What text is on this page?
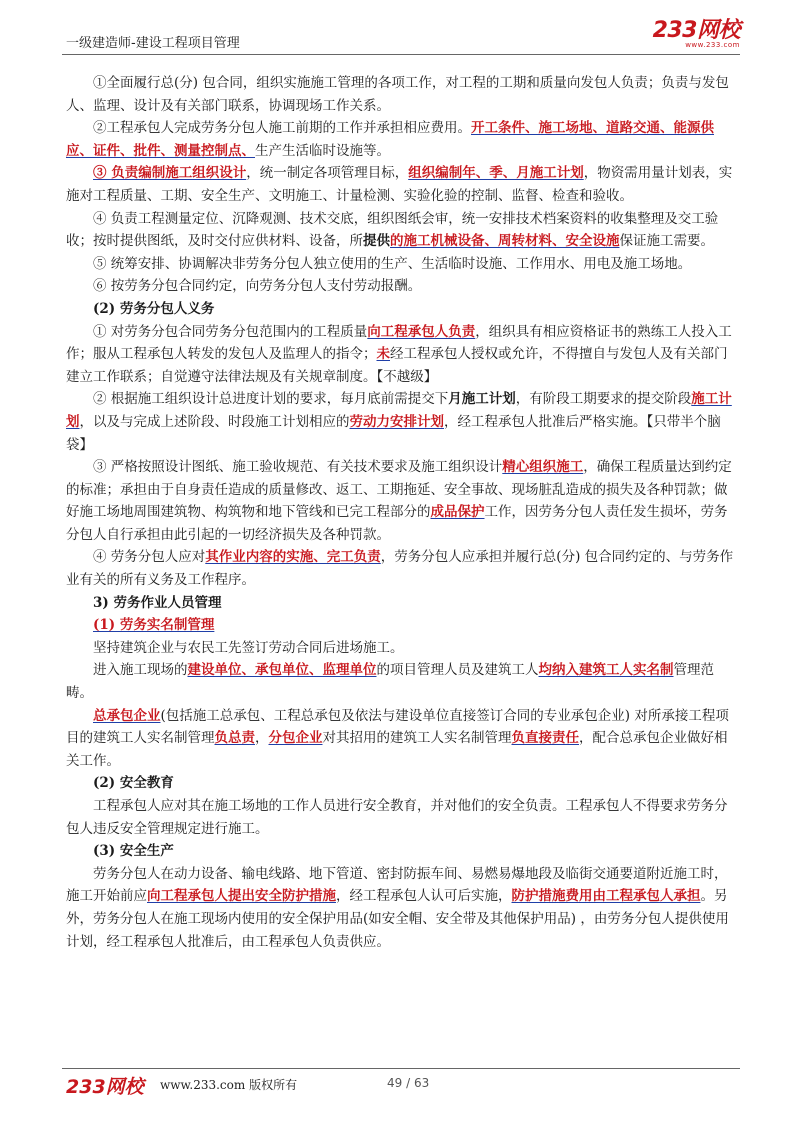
一级建造师-建设工程项目管理
233网校
www.233.com

①全面履行总(分) 包合同，组织实施施工管理的各项工作，对工程的工期和质量向发包人负责；负责与发包人、监理、设计及有关部门联系，协调现场工作关系。

②工程承包人完成劳务分包人施工前期的工作并承担相应费用。开工条件、施工场地、道路交通、能源供应、证件、批件、测量控制点、生产生活临时设施等。

③ 负责编制施工组织设计，统一制定各项管理目标，组织编制年、季、月施工计划，物资需用量计划表，实施对工程质量、工期、安全生产、文明施工、计量检测、实验化验的控制、监督、检查和验收。

④ 负责工程测量定位、沉降观测、技术交底，组织图纸会审，统一安排技术档案资料的收集整理及交工验收；按时提供图纸，及时交付应供材料、设备，所提供的施工机械设备、周转材料、安全设施保证施工需要。

⑤ 统筹安排、协调解决非劳务分包人独立使用的生产、生活临时设施、工作用水、用电及施工场地。

⑥ 按劳务分包合同约定，向劳务分包人支付劳动报酬。

(2) 劳务分包人义务

① 对劳务分包合同劳务分包范围内的工程质量向工程承包人负责，组织具有相应资格证书的熟练工人投入工作；服从工程承包人转发的发包人及监理人的指令；未经工程承包人授权或允许，不得擅自与发包人及有关部门建立工作联系；自觉遵守法律法规及有关规章制度。【不越级】

② 根据施工组织设计总进度计划的要求，每月底前需提交下月施工计划，有阶段工期要求的提交阶段施工计划，以及与完成上述阶段、时段施工计划相应的劳动力安排计划，经工程承包人批准后严格实施。【只带半个脑袋】

③ 严格按照设计图纸、施工验收规范、有关技术要求及施工组织设计精心组织施工，确保工程质量达到约定的标准；承担由于自身责任造成的质量修改、返工、工期拖延、安全事故、现场脏乱造成的损失及各种罚款；做好施工场地周围建筑物、构筑物和地下管线和已完工程部分的成品保护工作，因劳务分包人责任发生损坏，劳务分包人自行承担由此引起的一切经济损失及各种罚款。

④ 劳务分包人应对其作业内容的实施、完工负责，劳务分包人应承担并履行总(分) 包合同约定的、与劳务作业有关的所有义务及工作程序。

3) 劳务作业人员管理

(1) 劳务实名制管理

坚持建筑企业与农民工先签订劳动合同后进场施工。

进入施工现场的建设单位、承包单位、监理单位的项目管理人员及建筑工人均纳入建筑工人实名制管理范畴。

总承包企业(包括施工总承包、工程总承包及依法与建设单位直接签订合同的专业承包企业) 对所承接工程项目的建筑工人实名制管理负总责，分包企业对其招用的建筑工人实名制管理负直接责任，配合总承包企业做好相关工作。

(2) 安全教育

工程承包人应对其在施工场地的工作人员进行安全教育，并对他们的安全负责。工程承包人不得要求劳务分包人违反安全管理规定进行施工。

(3) 安全生产

劳务分包人在动力设备、输电线路、地下管道、密封防振车间、易燃易爆地段及临街交通要道附近施工时，施工开始前应向工程承包人提出安全防护措施，经工程承包人认可后实施，防护措施费用由工程承包人承担。另外，劳务分包人在施工现场内使用的安全保护用品(如安全帽、安全带及其他保护用品) ，由劳务分包人提供使用计划，经工程承包人批准后，由工程承包人负责供应。

233网校 www.233.com 版权所有	49 / 63
